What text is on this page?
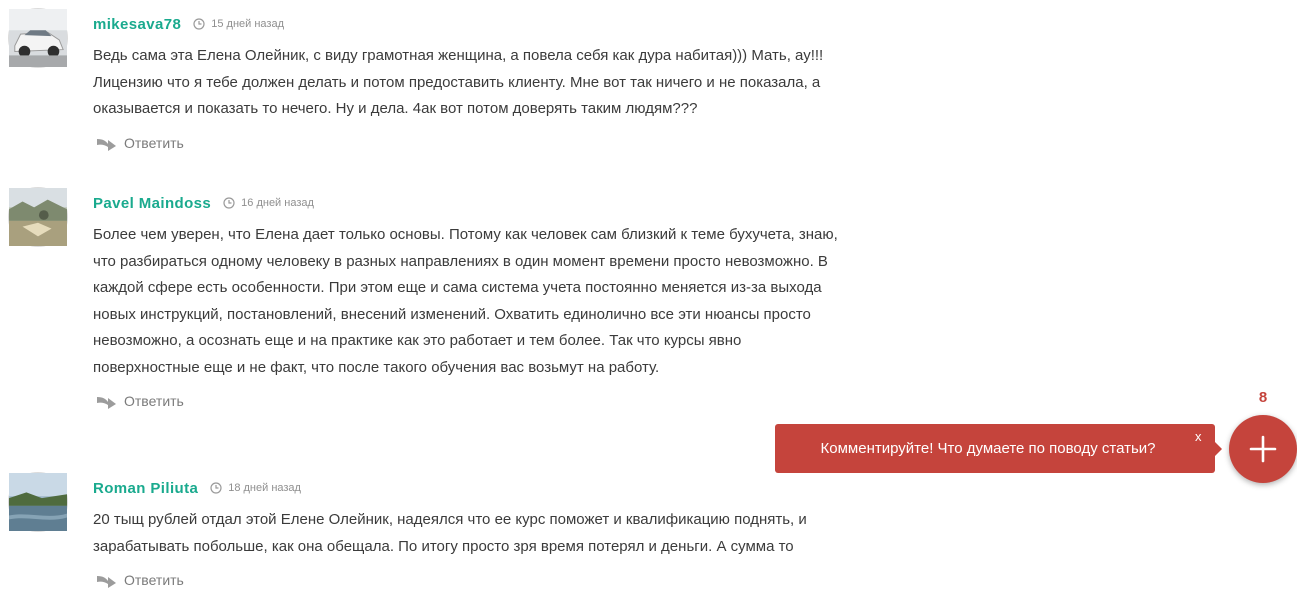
mikesava78	15 дней назад
Ведь сама эта Елена Олейник, с виду грамотная женщина, а повела себя как дура набитая))) Мать, ау!!! Лицензию что я тебе должен делать и потом предоставить клиенту. Мне вот так ничего и не показала, а оказывается и показать то нечего. Ну и дела. 4ак вот потом доверять таким людям???
Ответить
Pavel Maindoss	16 дней назад
Более чем уверен, что Елена дает только основы. Потому как человек сам близкий к теме бухучета, знаю, что разбираться одному человеку в разных направлениях в один момент времени просто невозможно. В каждой сфере есть особенности. При этом еще и сама система учета постоянно меняется из-за выхода новых инструкций, постановлений, внесений изменений. Охватить единолично все эти нюансы просто невозможно, а осознать еще и на практике как это работает и тем более. Так что курсы явно поверхностные еще и не факт, что после такого обучения вас возьмут на работу.
Ответить
Roman Piliuta	18 дней назад
20 тыщ рублей отдал этой Елене Олейник, надеялся что ее курс поможет и квалификацию поднять, и зарабатывать побольше, как она обещала. По итогу просто зря время потерял и деньги. А сумма то
Ответить
Комментируйте! Что думаете по поводу статьи?
x
8
